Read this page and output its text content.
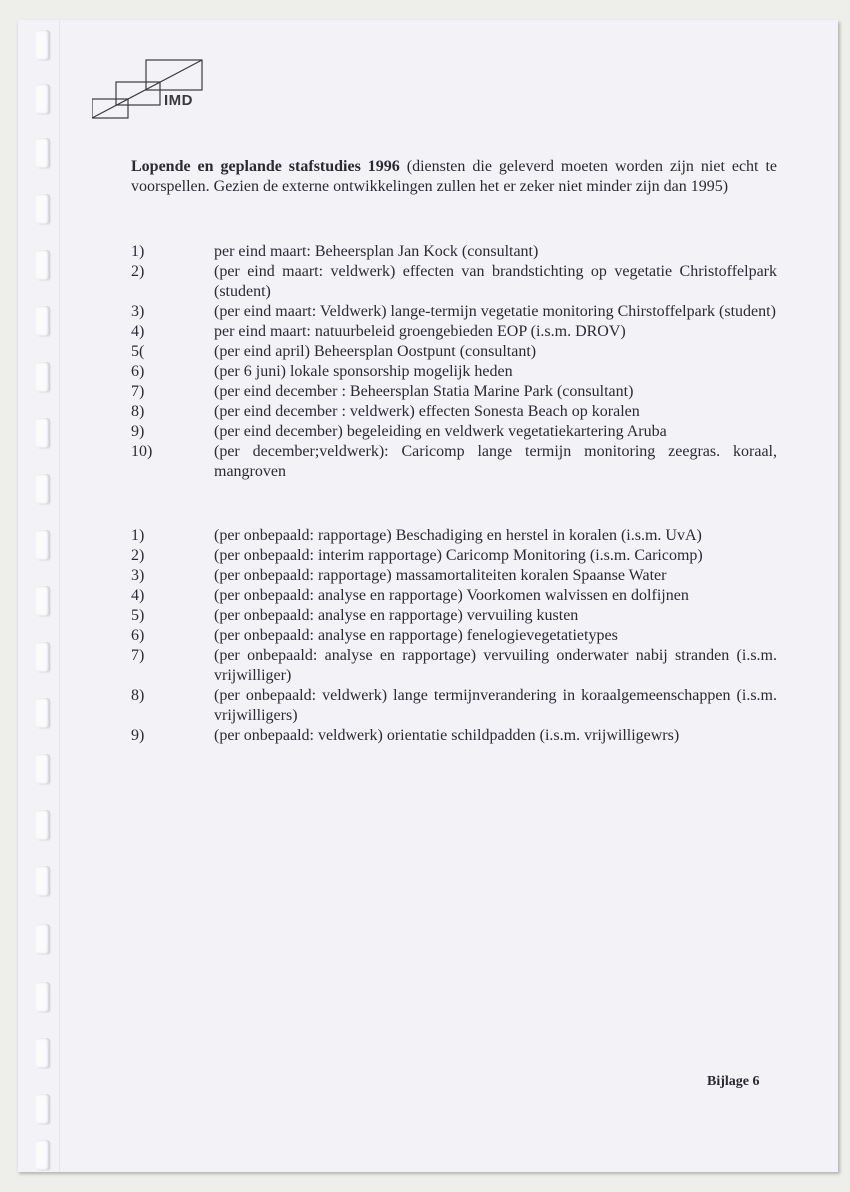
IMD
Lopende en geplande stafstudies 1996 (diensten die geleverd moeten worden zijn niet echt te voorspellen. Gezien de externe ontwikkelingen zullen het er zeker niet minder zijn dan 1995)
1)	per eind maart: Beheersplan Jan Kock (consultant)
2)	(per eind maart: veldwerk) effecten van brandstichting op vegetatie Christoffelpark (student)
3)	(per eind maart: Veldwerk) lange-termijn vegetatie monitoring Chirstoffelpark (student)
4)	per eind maart: natuurbeleid groengebieden EOP (i.s.m. DROV)
5(	(per eind april) Beheersplan Oostpunt (consultant)
6)	(per 6 juni) lokale sponsorship mogelijk heden
7)	(per eind december : Beheersplan Statia Marine Park (consultant)
8)	(per eind december : veldwerk) effecten Sonesta Beach op koralen
9)	(per eind december) begeleiding en veldwerk vegetatiekartering Aruba
10)	(per december;veldwerk): Caricomp lange termijn monitoring zeegras. koraal, mangroven
1)	(per onbepaald: rapportage) Beschadiging en herstel in koralen (i.s.m. UvA)
2)	(per onbepaald: interim rapportage) Caricomp Monitoring (i.s.m. Caricomp)
3)	(per onbepaald: rapportage) massamortaliteiten koralen Spaanse Water
4)	(per onbepaald: analyse en rapportage) Voorkomen walvissen en dolfijnen
5)	(per onbepaald: analyse en rapportage) vervuiling kusten
6)	(per onbepaald: analyse en rapportage) fenelogievegetatietypes
7)	(per onbepaald: analyse en rapportage) vervuiling onderwater nabij stranden (i.s.m. vrijwilliger)
8)	(per onbepaald: veldwerk) lange termijnverandering in koraalgemeenschappen (i.s.m. vrijwilligers)
9)	(per onbepaald: veldwerk) orientatie schildpadden (i.s.m. vrijwilligewrs)
Bijlage 6
